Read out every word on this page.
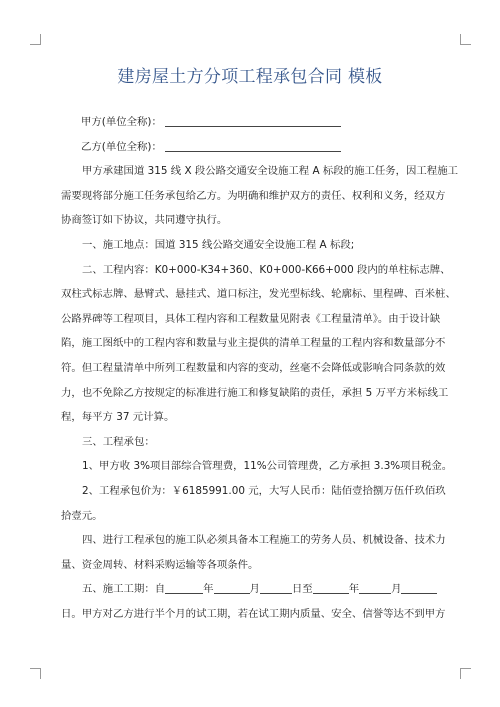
建房屋土方分项工程承包合同 模板
甲方(单位全称)：
乙方(单位全称)：
甲方承建国道 315 线 X 段公路交通安全设施工程 A 标段的施工任务，因工程施工
需要现将部分施工任务承包给乙方。为明确和维护双方的责任、权利和义务，经双方
协商签订如下协议，共同遵守执行。
一、施工地点：国道 315 线公路交通安全设施工程 A 标段;
二、工程内容：K0+000-K34+360、K0+000-K66+000 段内的单柱标志牌、
双柱式标志牌、悬臂式、悬挂式、道口标注，发光型标线、轮廓标、里程碑、百米桩、
公路界碑等工程项目，具体工程内容和工程数量见附表《工程量清单》。由于设计缺
陷，施工图纸中的工程内容和数量与业主提供的清单工程量的工程内容和数量部分不
符。但工程量清单中所列工程数量和内容的变动，丝毫不会降低或影响合同条款的效
力，也不免除乙方按规定的标准进行施工和修复缺陷的责任，承担 5 万平方米标线工
程，每平方 37 元计算。
三、工程承包：
1、甲方收 3%项目部综合管理费，11%公司管理费，乙方承担 3.3%项目税金。
2、工程承包价为：￥6185991.00 元，大写人民币：陆佰壹拾捌万伍仟玖佰玖
拾壹元。
四、进行工程承包的施工队必须具备本工程施工的劳务人员、机械设备、技术力
量、资金周转、材料采购运输等各项条件。
五、施工工期：自	年	月	日至	年	月
日。甲方对乙方进行半个月的试工期，若在试工期内质量、安全、信誉等达不到甲方
